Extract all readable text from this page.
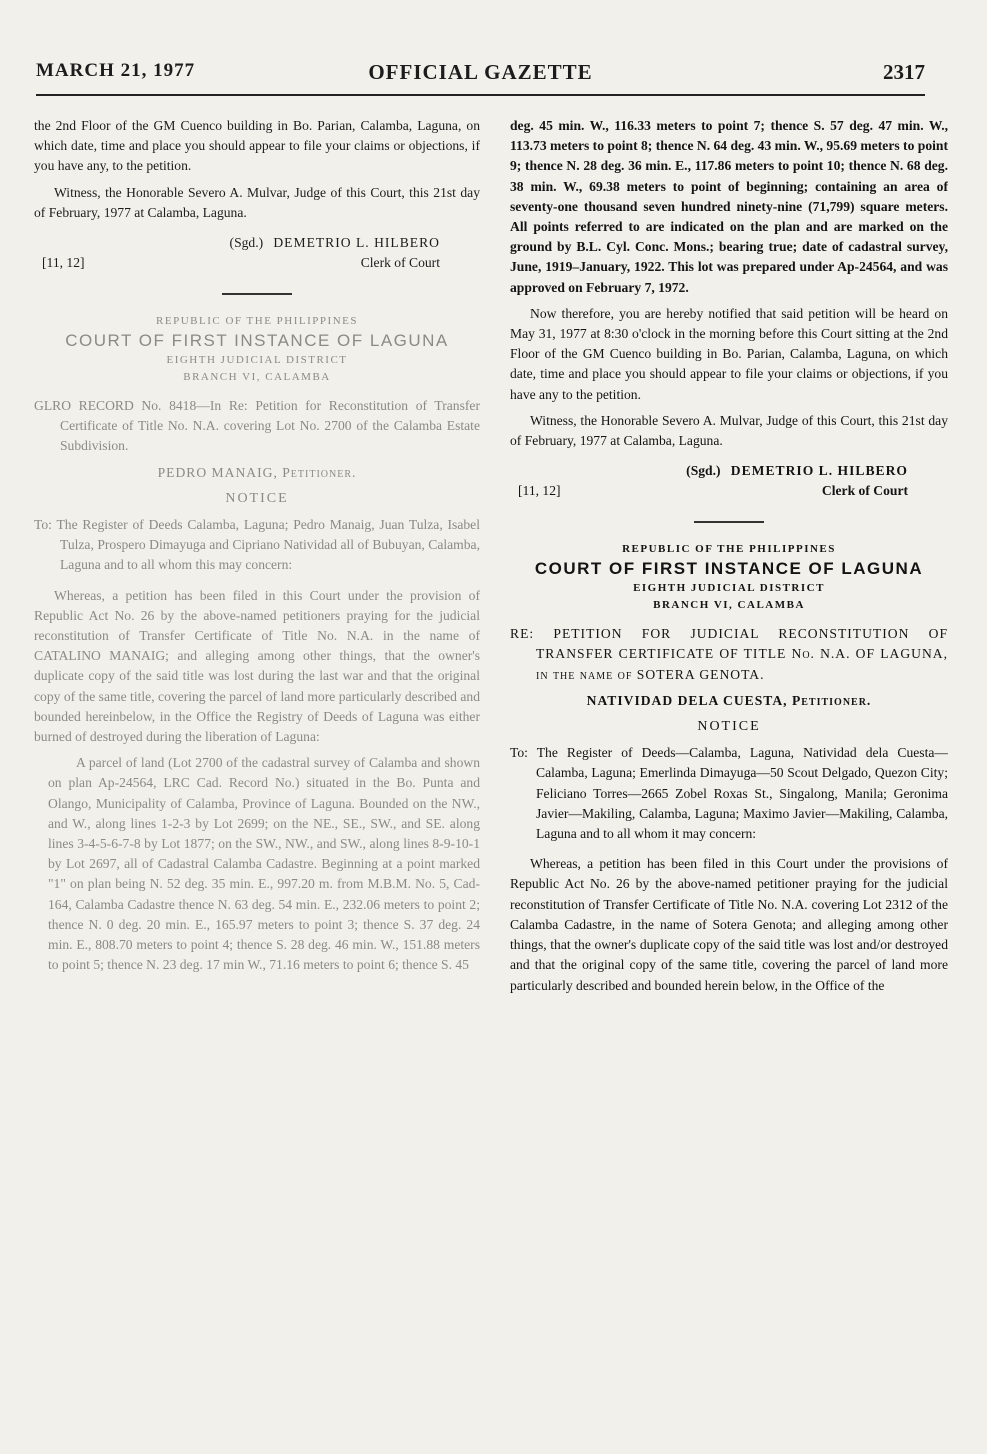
MARCH 21, 1977	OFFICIAL GAZETTE	2317

the 2nd Floor of the GM Cuenco building in Bo. Parian, Calamba, Laguna, on which date, time and place you should appear to file your claims or objections, if you have any, to the petition.

Witness, the Honorable Severo A. Mulvar, Judge of this Court, this 21st day of February, 1977 at Calamba, Laguna.

(Sgd.) DEMETRIO L. HILBERO
[11, 12]	Clerk of Court
REPUBLIC OF THE PHILIPPINES
COURT OF FIRST INSTANCE OF LAGUNA
EIGHTH JUDICIAL DISTRICT
BRANCH VI, CALAMBA

GLRO RECORD No. 8418—In Re: Petition for Reconstitution of Transfer Certificate of Title No. N.A. covering Lot No. 2700 of the Calamba Estate Subdivision.

PEDRO MANAIG, Petitioner.
NOTICE

To: The Register of Deeds Calamba, Laguna; Pedro Manaig, Juan Tulza, Isabel Tulza, Prospero Dimayuga and Cipriano Natividad all of Bubuyan, Calamba, Laguna and to all whom this may concern:

Whereas, a petition has been filed in this Court under the provision of Republic Act No. 26 by the above-named petitioners praying for the judicial reconstitution of Transfer Certificate of Title No. N.A. in the name of CATALINO MANAIG; and alleging among other things, that the owner's duplicate copy of the said title was lost during the last war and that the original copy of the same title, covering the parcel of land more particularly described and bounded hereinbelow, in the Office the Registry of Deeds of Laguna was either burned of destroyed during the liberation of Laguna:

A parcel of land (Lot 2700 of the cadastral survey of Calamba and shown on plan Ap-24564, LRC Cad. Record No.) situated in the Bo. Punta and Olango, Municipality of Calamba, Province of Laguna. Bounded on the NW., and W., along lines 1-2-3 by Lot 2699; on the NE., SE., SW., and SE. along lines 3-4-5-6-7-8 by Lot 1877; on the SW., NW., and SW., along lines 8-9-10-1 by Lot 2697, all of Cadastral Calamba Cadastre. Beginning at a point marked "1" on plan being N. 52 deg. 35 min. E., 997.20 m. from M.B.M. No. 5, Cad-164, Calamba Cadastre thence N. 63 deg. 54 min. E., 232.06 meters to point 2; thence N. 0 deg. 20 min. E., 165.97 meters to point 3; thence S. 37 deg. 24 min. E., 808.70 meters to point 4; thence S. 28 deg. 46 min. W., 151.88 meters to point 5; thence N. 23 deg. 17 min W., 71.16 meters to point 6; thence S. 45

deg. 45 min. W., 116.33 meters to point 7; thence S. 57 deg. 47 min. W., 113.73 meters to point 8; thence N. 64 deg. 43 min. W., 95.69 meters to point 9; thence N. 28 deg. 36 min. E., 117.86 meters to point 10; thence N. 68 deg. 38 min. W., 69.38 meters to point of beginning; containing an area of seventy-one thousand seven hundred ninety-nine (71,799) square meters. All points referred to are indicated on the plan and are marked on the ground by B.L. Cyl. Conc. Mons.; bearing true; date of cadastral survey, June, 1919–January, 1922. This lot was prepared under Ap-24564, and was approved on February 7, 1972.

Now therefore, you are hereby notified that said petition will be heard on May 31, 1977 at 8:30 o'clock in the morning before this Court sitting at the 2nd Floor of the GM Cuenco building in Bo. Parian, Calamba, Laguna, on which date, time and place you should appear to file your claims or objections, if you have any to the petition.

Witness, the Honorable Severo A. Mulvar, Judge of this Court, this 21st day of February, 1977 at Calamba, Laguna.

(Sgd.) DEMETRIO L. HILBERO
[11, 12]	Clerk of Court
REPUBLIC OF THE PHILIPPINES
COURT OF FIRST INSTANCE OF LAGUNA
EIGHTH JUDICIAL DISTRICT
BRANCH VI, CALAMBA

RE: PETITION FOR JUDICIAL RECONSTITUTION OF TRANSFER CERTIFICATE OF TITLE No. N.A. OF LAGUNA, in the name of SOTERA GENOTA.

NATIVIDAD DELA CUESTA, Petitioner.
NOTICE

To: The Register of Deeds—Calamba, Laguna, Natividad dela Cuesta—Calamba, Laguna; Emerlinda Dimayuga—50 Scout Delgado, Quezon City; Feliciano Torres—2665 Zobel Roxas St., Singalong, Manila; Geronima Javier—Makiling, Calamba, Laguna; Maximo Javier—Makiling, Calamba, Laguna and to all whom it may concern:

Whereas, a petition has been filed in this Court under the provisions of Republic Act No. 26 by the above-named petitioner praying for the judicial reconstitution of Transfer Certificate of Title No. N.A. covering Lot 2312 of the Calamba Cadastre, in the name of Sotera Genota; and alleging among other things, that the owner's duplicate copy of the said title was lost and/or destroyed and that the original copy of the same title, covering the parcel of land more particularly described and bounded herein below, in the Office of the
